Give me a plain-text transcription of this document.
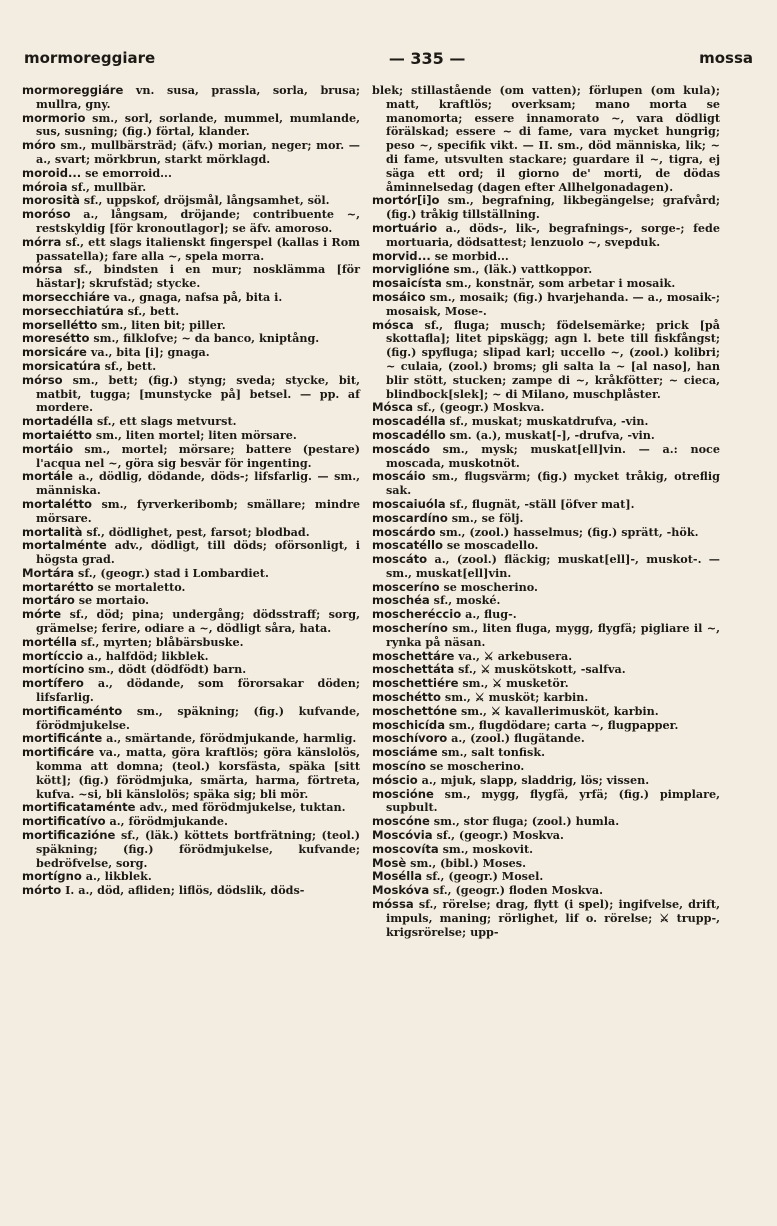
mormoreggiare	— 335 —	mossa
mormoreggiáre vn. susa, prassla, sorla, brusa; mullra, gny.
mormorio sm., sorl, sorlande, mummel, mumlande, sus, susning; (fig.) förtal, klander.
móro sm., mullbärsträd; (äfv.) morian, neger; mor. — a., svart; mörkbrun, starkt mörklagd.
moroid... se emorroid...
móroia sf., mullbär.
morosità sf., uppskof, dröjsmål, långsamhet, söl.
moróso a., långsam, dröjande; contribuente ~, restskyldig [för kronoutlagor]; se äfv. amoroso.
mórra sf., ett slags italienskt fingerspel (kallas i Rom passatella); fare alla ~, spela morra.
mórsa sf., bindsten i en mur; nosklämma [för hästar]; skrufstäd; stycke.
morsecchiáre va., gnaga, nafsa på, bita i.
morsecchiatúra sf., bett.
morsellétto sm., liten bit; piller.
moresétto sm., filklofve; ~ da banco, kniptång.
morsicáre va., bita [i]; gnaga.
morsicatúra sf., bett.
mórso sm., bett; (fig.) styng; sveda; stycke, bit, matbit, tugga; [munstycke på] betsel. — pp. af mordere.
mortadélla sf., ett slags metvurst.
mortaiétto sm., liten mortel; liten mörsare.
mortáio sm., mortel; mörsare; battere (pestare) l'acqua nel ~, göra sig besvär för ingenting.
mortále a., dödlig, dödande, döds-; lifsfarlig. — sm., människa.
mortalétto sm., fyrverkeribomb; smällare; mindre mörsare.
mortalità sf., dödlighet, pest, farsot; blodbad.
mortalménte adv., dödligt, till döds; oförsonligt, i högsta grad.
Mortára sf., (geogr.) stad i Lombardiet.
mortarétto se mortaletto.
mortáro se mortaio.
mórte sf., död; pina; undergång; dödsstraff; sorg, grämelse; ferire, odiare a ~, dödligt såra, hata.
mortélla sf., myrten; blåbärsbuske.
mortíccio a., halfdöd; likblek.
mortícino sm., dödt (dödfödt) barn.
mortífero a., dödande, som förorsakar döden; lifsfarlig.
mortificaménto sm., späkning; (fig.) kufvande, förödmjukelse.
mortificánte a., smärtande, förödmjukande, harmlig.
mortificáre va., matta, göra kraftlös; göra känslolös, komma att domna; (teol.) korsfästa, späka [sitt kött]; (fig.) förödmjuka, smärta, harma, förtreta, kufva. ~si, bli känslolös; späka sig; bli mör.
mortificataménte adv., med förödmjukelse, tuktan.
mortificatívo a., förödmjukande.
mortificazióne sf., (läk.) köttets bortfrätning; (teol.) späkning; (fig.) förödmjukelse, kufvande; bedröfvelse, sorg.
mortígno a., likblek.
mórto I. a., död, afliden; liflös, dödslik, döds-
blek; stillastående (om vatten); förlupen (om kula); matt, kraftlös; overksam; mano morta se manomorta; essere innamorato ~, vara dödligt förälskad; essere ~ di fame, vara mycket hungrig; peso ~, specifik vikt. — II. sm., död människa, lik; ~ di fame, utsvulten stackare; guardare il ~, tigra, ej säga ett ord; il giorno de' morti, de dödas åminnelsedag (dagen efter Allhelgonadagen).
mortór[i]o sm., begrafning, likbegängelse; grafvård; (fig.) tråkig tillställning.
mortuário a., döds-, lik-, begrafnings-, sorge-; fede mortuaria, dödsattest; lenzuolo ~, svepduk.
morvid... se morbid...
morviglióne sm., (läk.) vattkoppor.
mosaicísta sm., konstnär, som arbetar i mosaik.
mosáico sm., mosaik; (fig.) hvarjehanda. — a., mosaik-; mosaisk, Mose-.
mósca sf., fluga; musch; födelsemärke; prick [på skottafla]; litet pipskägg; agn l. bete till fiskfångst; (fig.) spyfluga; slipad karl; uccello ~, (zool.) kolibri; ~ culaia, (zool.) broms; gli salta la ~ [al naso], han blir stött, stucken; zampe di ~, kråkfötter; ~ cieca, blindbock[slek]; ~ di Milano, muschplåster.
Mósca sf., (geogr.) Moskva.
moscadélla sf., muskat; muskatdrufva, -vin.
moscadéllo sm. (a.), muskat[-], -drufva, -vin.
moscádo sm., mysk; muskat[ell]vin. — a.: noce moscada, muskotnöt.
moscáio sm., flugsvärm; (fig.) mycket tråkig, otreflig sak.
moscaiuóla sf., flugnät, -ställ [öfver mat].
moscardíno sm., se följ.
moscárdo sm., (zool.) hasselmus; (fig.) sprätt, -hök.
moscatéllo se moscadello.
moscáto a., (zool.) fläckig; muskat[ell]-, muskot-. — sm., muskat[ell]vin.
mosceríno se moscherino.
moschéa sf., moské.
moscheréccio a., flug-.
moscheríno sm., liten fluga, mygg, flygfä; pigliare il ~, rynka på näsan.
moschettáre va., ⚔ arkebusera.
moschettáta sf., ⚔ muskötskott, -salfva.
moschettiére sm., ⚔ musketör.
moschétto sm., ⚔ musköt; karbin.
moschettóne sm., ⚔ kavallerimusköt, karbin.
moschicída sm., flugdödare; carta ~, flugpapper.
moschívoro a., (zool.) flugätande.
mosciáme sm., salt tonfisk.
moscíno se moscherino.
móscio a., mjuk, slapp, sladdrig, lös; vissen.
moscióne sm., mygg, flygfä, yrfä; (fig.) pimplare, supbult.
moscóne sm., stor fluga; (zool.) humla.
Moscóvia sf., (geogr.) Moskva.
moscovíta sm., moskovit.
Mosè sm., (bibl.) Moses.
Moséllа sf., (geogr.) Mosel.
Moskóva sf., (geogr.) floden Moskva.
móssa sf., rörelse; drag, flytt (i spel); ingifvelse, drift, impuls, maning; rörlighet, lif o. rörelse; ⚔ trupp-, krigsrörelse; upp-
